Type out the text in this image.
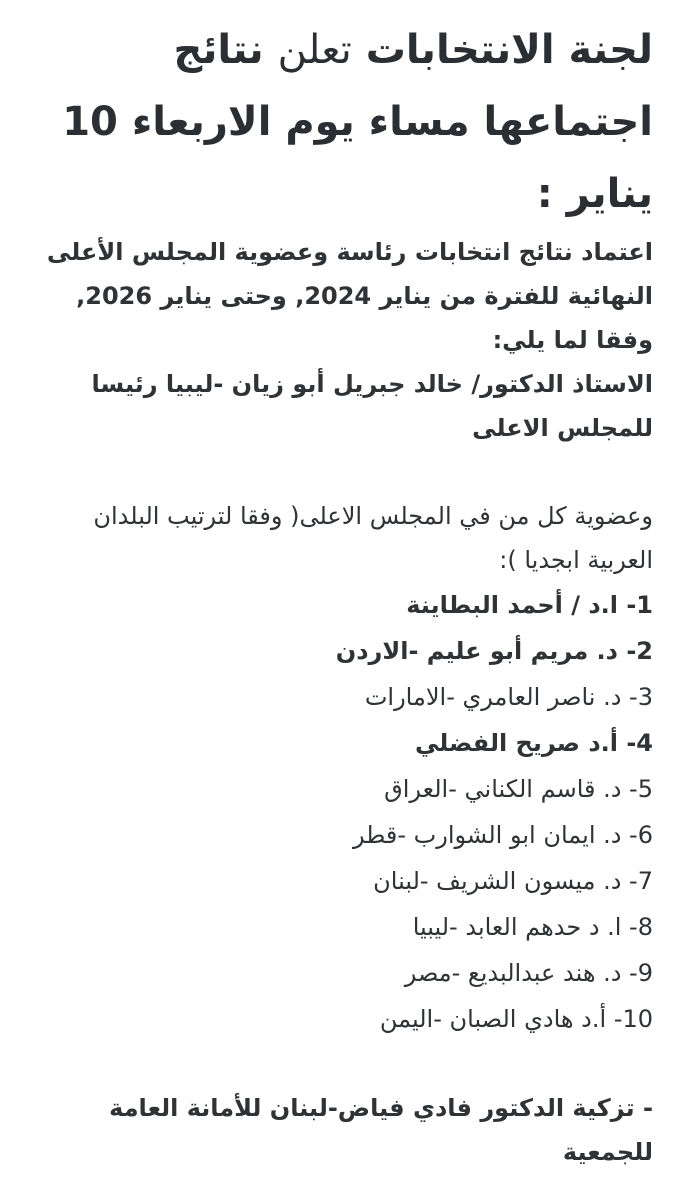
لجنة الانتخابات تعلن نتائج اجتماعها مساء يوم الاربعاء 10 يناير :

اعتماد نتائج انتخابات رئاسة وعضوية المجلس الأعلى النهائية للفترة من يناير 2024, وحتى يناير 2026, وفقا لما يلي:

الاستاذ الدكتور/ خالد جبريل أبو زيان -ليبيا رئيسا للمجلس الاعلى

وعضوية كل من في المجلس الاعلى( وفقا لترتيب البلدان العربية ابجديا ):

1- ا.د / أحمد البطاينة
2- د. مريم أبو عليم -الاردن
3- د. ناصر العامري -الامارات
4- أ.د صريح الفضلي
5- د. قاسم الكناني -العراق
6- د. ايمان ابو الشوارب -قطر
7- د. ميسون الشريف -لبنان
8- ا. د حدهم العابد -ليبيا
9- د. هند عبدالبديع -مصر
10- أ.د هادي الصبان -اليمن

- تزكية الدكتور فادي فياض-لبنان للأمانة العامة للجمعية
